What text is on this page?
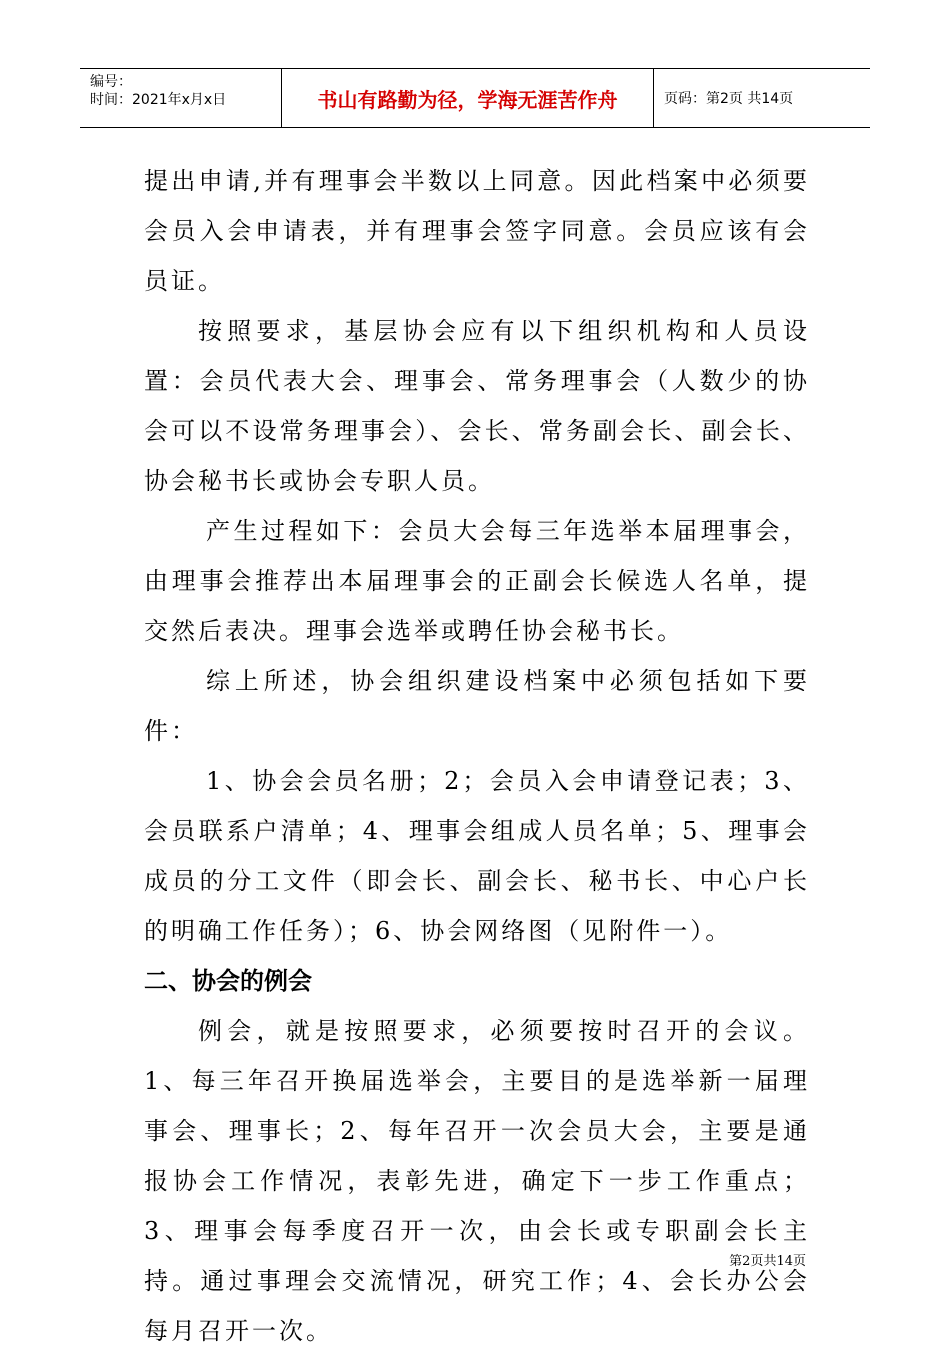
编号：
时间：2021年x月x日	书山有路勤为径，学海无涯苦作舟	页码：第2页 共14页

提出申请,并有理事会半数以上同意。因此档案中必须要会员入会申请表，并有理事会签字同意。会员应该有会员证。

按照要求，基层协会应有以下组织机构和人员设置：会员代表大会、理事会、常务理事会（人数少的协会可以不设常务理事会）、会长、常务副会长、副会长、协会秘书长或协会专职人员。

产生过程如下：会员大会每三年选举本届理事会，由理事会推荐出本届理事会的正副会长候选人名单，提交然后表决。理事会选举或聘任协会秘书长。

综上所述，协会组织建设档案中必须包括如下要件：

1、协会会员名册；2；会员入会申请登记表；3、会员联系户清单；4、理事会组成人员名单；5、理事会成员的分工文件（即会长、副会长、秘书长、中心户长的明确工作任务）；6、协会网络图（见附件一）。

二、协会的例会

例会，就是按照要求，必须要按时召开的会议。1、每三年召开换届选举会，主要目的是选举新一届理事会、理事长；2、每年召开一次会员大会，主要是通报协会工作情况，表彰先进，确定下一步工作重点；3、理事会每季度召开一次，由会长或专职副会长主持。通过事理会交流情况，研究工作；4、会长办公会每月召开一次。

第2页共14页
